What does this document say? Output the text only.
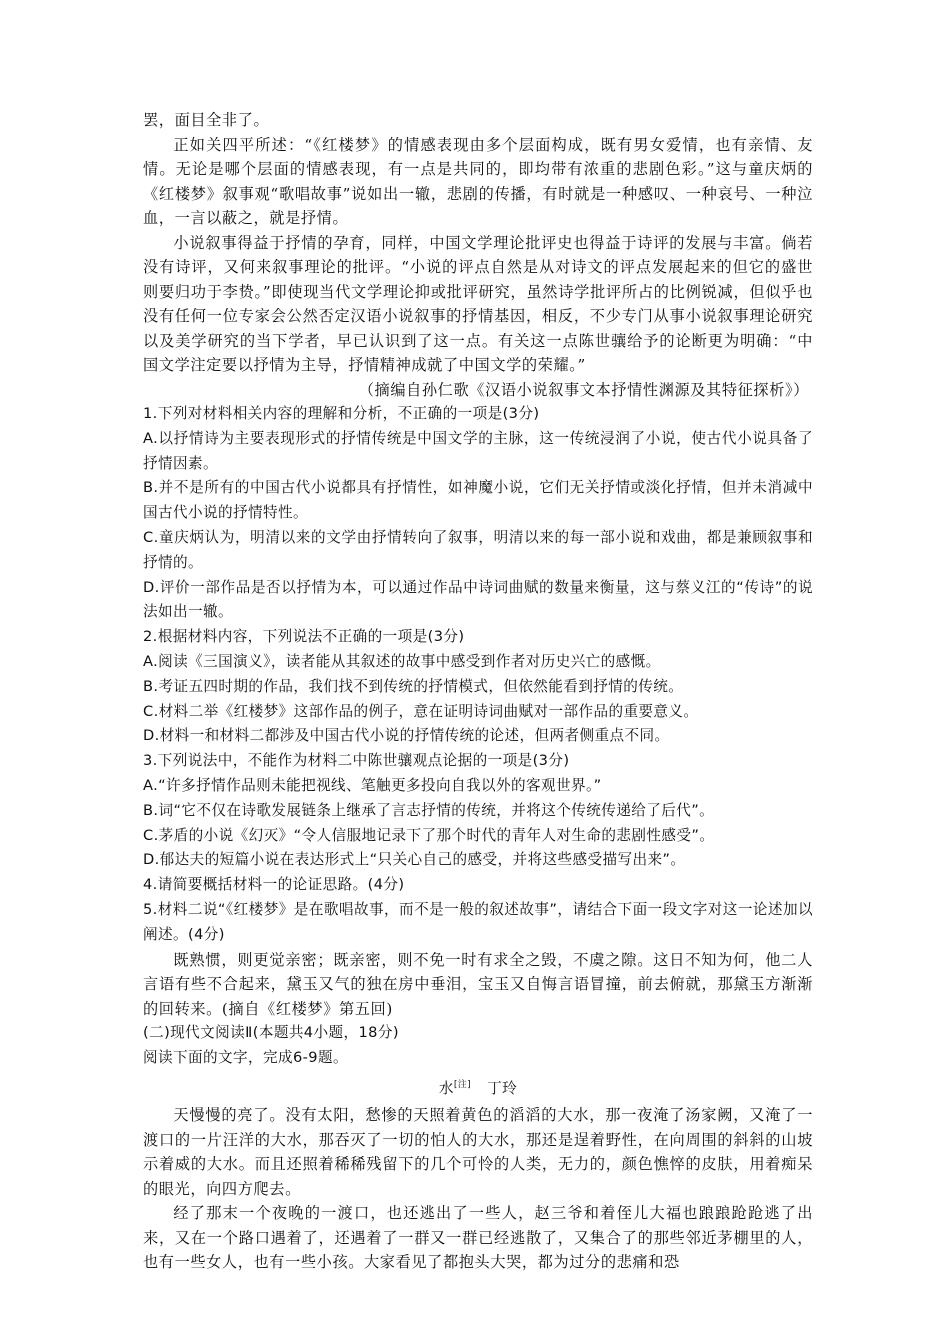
罢，面目全非了。

正如关四平所述：“《红楼梦》的情感表现由多个层面构成，既有男女爱情，也有亲情、友情。无论是哪个层面的情感表现，有一点是共同的，即均带有浓重的悲剧色彩。”这与童庆炳的《红楼梦》叙事观“歌唱故事”说如出一辙，悲剧的传播，有时就是一种感叹、一种哀号、一种泣血，一言以蔽之，就是抒情。

小说叙事得益于抒情的孕育，同样，中国文学理论批评史也得益于诗评的发展与丰富。倘若没有诗评，又何来叙事理论的批评。“小说的评点自然是从对诗文的评点发展起来的但它的盛世则要归功于李贽。”即使现当代文学理论抑或批评研究，虽然诗学批评所占的比例锐减，但似乎也没有任何一位专家会公然否定汉语小说叙事的抒情基因，相反，不少专门从事小说叙事理论研究以及美学研究的当下学者，早已认识到了这一点。有关这一点陈世骧给予的论断更为明确：“中国文学注定要以抒情为主导，抒情精神成就了中国文学的荣耀。”

（摘编自孙仁歌《汉语小说叙事文本抒情性渊源及其特征探析》）

1.下列对材料相关内容的理解和分析，不正确的一项是(3分)

A.以抒情诗为主要表现形式的抒情传统是中国文学的主脉，这一传统浸润了小说，使古代小说具备了抒情因素。

B.并不是所有的中国古代小说都具有抒情性，如神魔小说，它们无关抒情或淡化抒情，但并未消减中国古代小说的抒情特性。

C.童庆炳认为，明清以来的文学由抒情转向了叙事，明清以来的每一部小说和戏曲，都是兼顾叙事和抒情的。

D.评价一部作品是否以抒情为本，可以通过作品中诗词曲赋的数量来衡量，这与蔡义江的“传诗”的说法如出一辙。

2.根据材料内容，下列说法不正确的一项是(3分)

A.阅读《三国演义》，读者能从其叙述的故事中感受到作者对历史兴亡的感慨。

B.考证五四时期的作品，我们找不到传统的抒情模式，但依然能看到抒情的传统。

C.材料二举《红楼梦》这部作品的例子，意在证明诗词曲赋对一部作品的重要意义。

D.材料一和材料二都涉及中国古代小说的抒情传统的论述，但两者侧重点不同。

3.下列说法中，不能作为材料二中陈世骧观点论据的一项是(3分)

A.“许多抒情作品则未能把视线、笔触更多投向自我以外的客观世界。”

B.词“它不仅在诗歌发展链条上继承了言志抒情的传统，并将这个传统传递给了后代”。

C.茅盾的小说《幻灭》“令人信服地记录下了那个时代的青年人对生命的悲剧性感受”。

D.郁达夫的短篇小说在表达形式上“只关心自己的感受，并将这些感受描写出来”。

4.请简要概括材料一的论证思路。(4分)

5.材料二说“《红楼梦》是在歌唱故事，而不是一般的叙述故事”，请结合下面一段文字对这一论述加以阐述。(4分)

既熟惯，则更觉亲密；既亲密，则不免一时有求全之毁，不虞之隙。这日不知为何，他二人言语有些不合起来，黛玉又气的独在房中垂泪，宝玉又自悔言语冒撞，前去俯就，那黛玉方渐渐的回转来。(摘自《红楼梦》第五回)

(二)现代文阅读Ⅱ(本题共4小题，18分)

阅读下面的文字，完成6-9题。

水[注] 丁玲

天慢慢的亮了。没有太阳，愁惨的天照着黄色的滔滔的大水，那一夜淹了汤家阙，又淹了一渡口的一片汪洋的大水，那吞灭了一切的怕人的大水，那还是逞着野性，在向周围的斜斜的山坡示着威的大水。而且还照着稀稀残留下的几个可怜的人类，无力的，颜色憔悴的皮肤，用着痴呆的眼光，向四方爬去。

经了那末一个夜晚的一渡口，也还逃出了一些人，赵三爷和着侄儿大福也踉踉跄跄逃了出来，又在一个路口遇着了，还遇着了一群又一群已经逃散了，又集合了的那些邻近茅棚里的人，也有一些女人，也有一些小孩。大家看见了都抱头大哭，都为过分的悲痛和恐
